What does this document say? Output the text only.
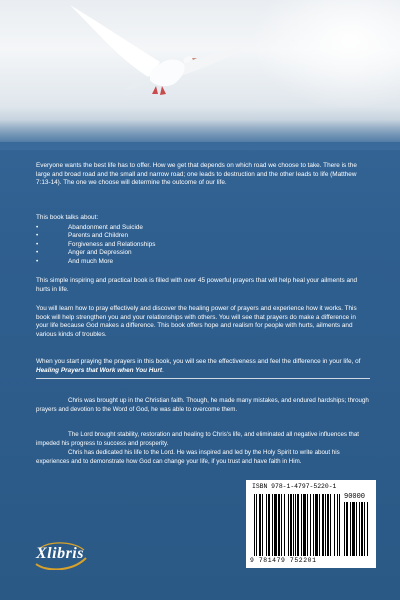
Everyone wants the best life has to offer. How we get that depends on which road we choose to take. There is the large and broad road and the small and narrow road; one leads to destruction and the other leads to life (Matthew 7:13-14). The one we choose will determine the outcome of our life.

This book talks about:

•	Abandonment and Suicide
•	Parents and Children
•	Forgiveness and Relationships
•	Anger and Depression
•	And much More

This simple inspiring and practical book is filled with over 45 powerful prayers that will help heal your ailments and hurts in life.

You will learn how to pray effectively and discover the healing power of prayers and experience how it works. This book will help strengthen you and your relationships with others. You will see that prayers do make a difference in your life because God makes a difference. This book offers hope and realism for people with hurts, ailments and various kinds of troubles.

When you start praying the prayers in this book, you will see the effectiveness and feel the difference in your life, of Healing Prayers that Work when You Hurt.

Chris was brought up in the Christian faith. Though, he made many mistakes, and endured hardships; through prayers and devotion to the Word of God, he was able to overcome them.

The Lord brought stability, restoration and healing to Chris's life, and eliminated all negative influences that impeded his progress to success and prosperity.

Chris has dedicated his life to the Lord. He was inspired and led by the Holy Spirit to write about his experiences and to demonstrate how God can change your life, if you trust and have faith in Him.

Xlibris
ISBN 978-1-4797-5220-1
90000
9 781479 752201
